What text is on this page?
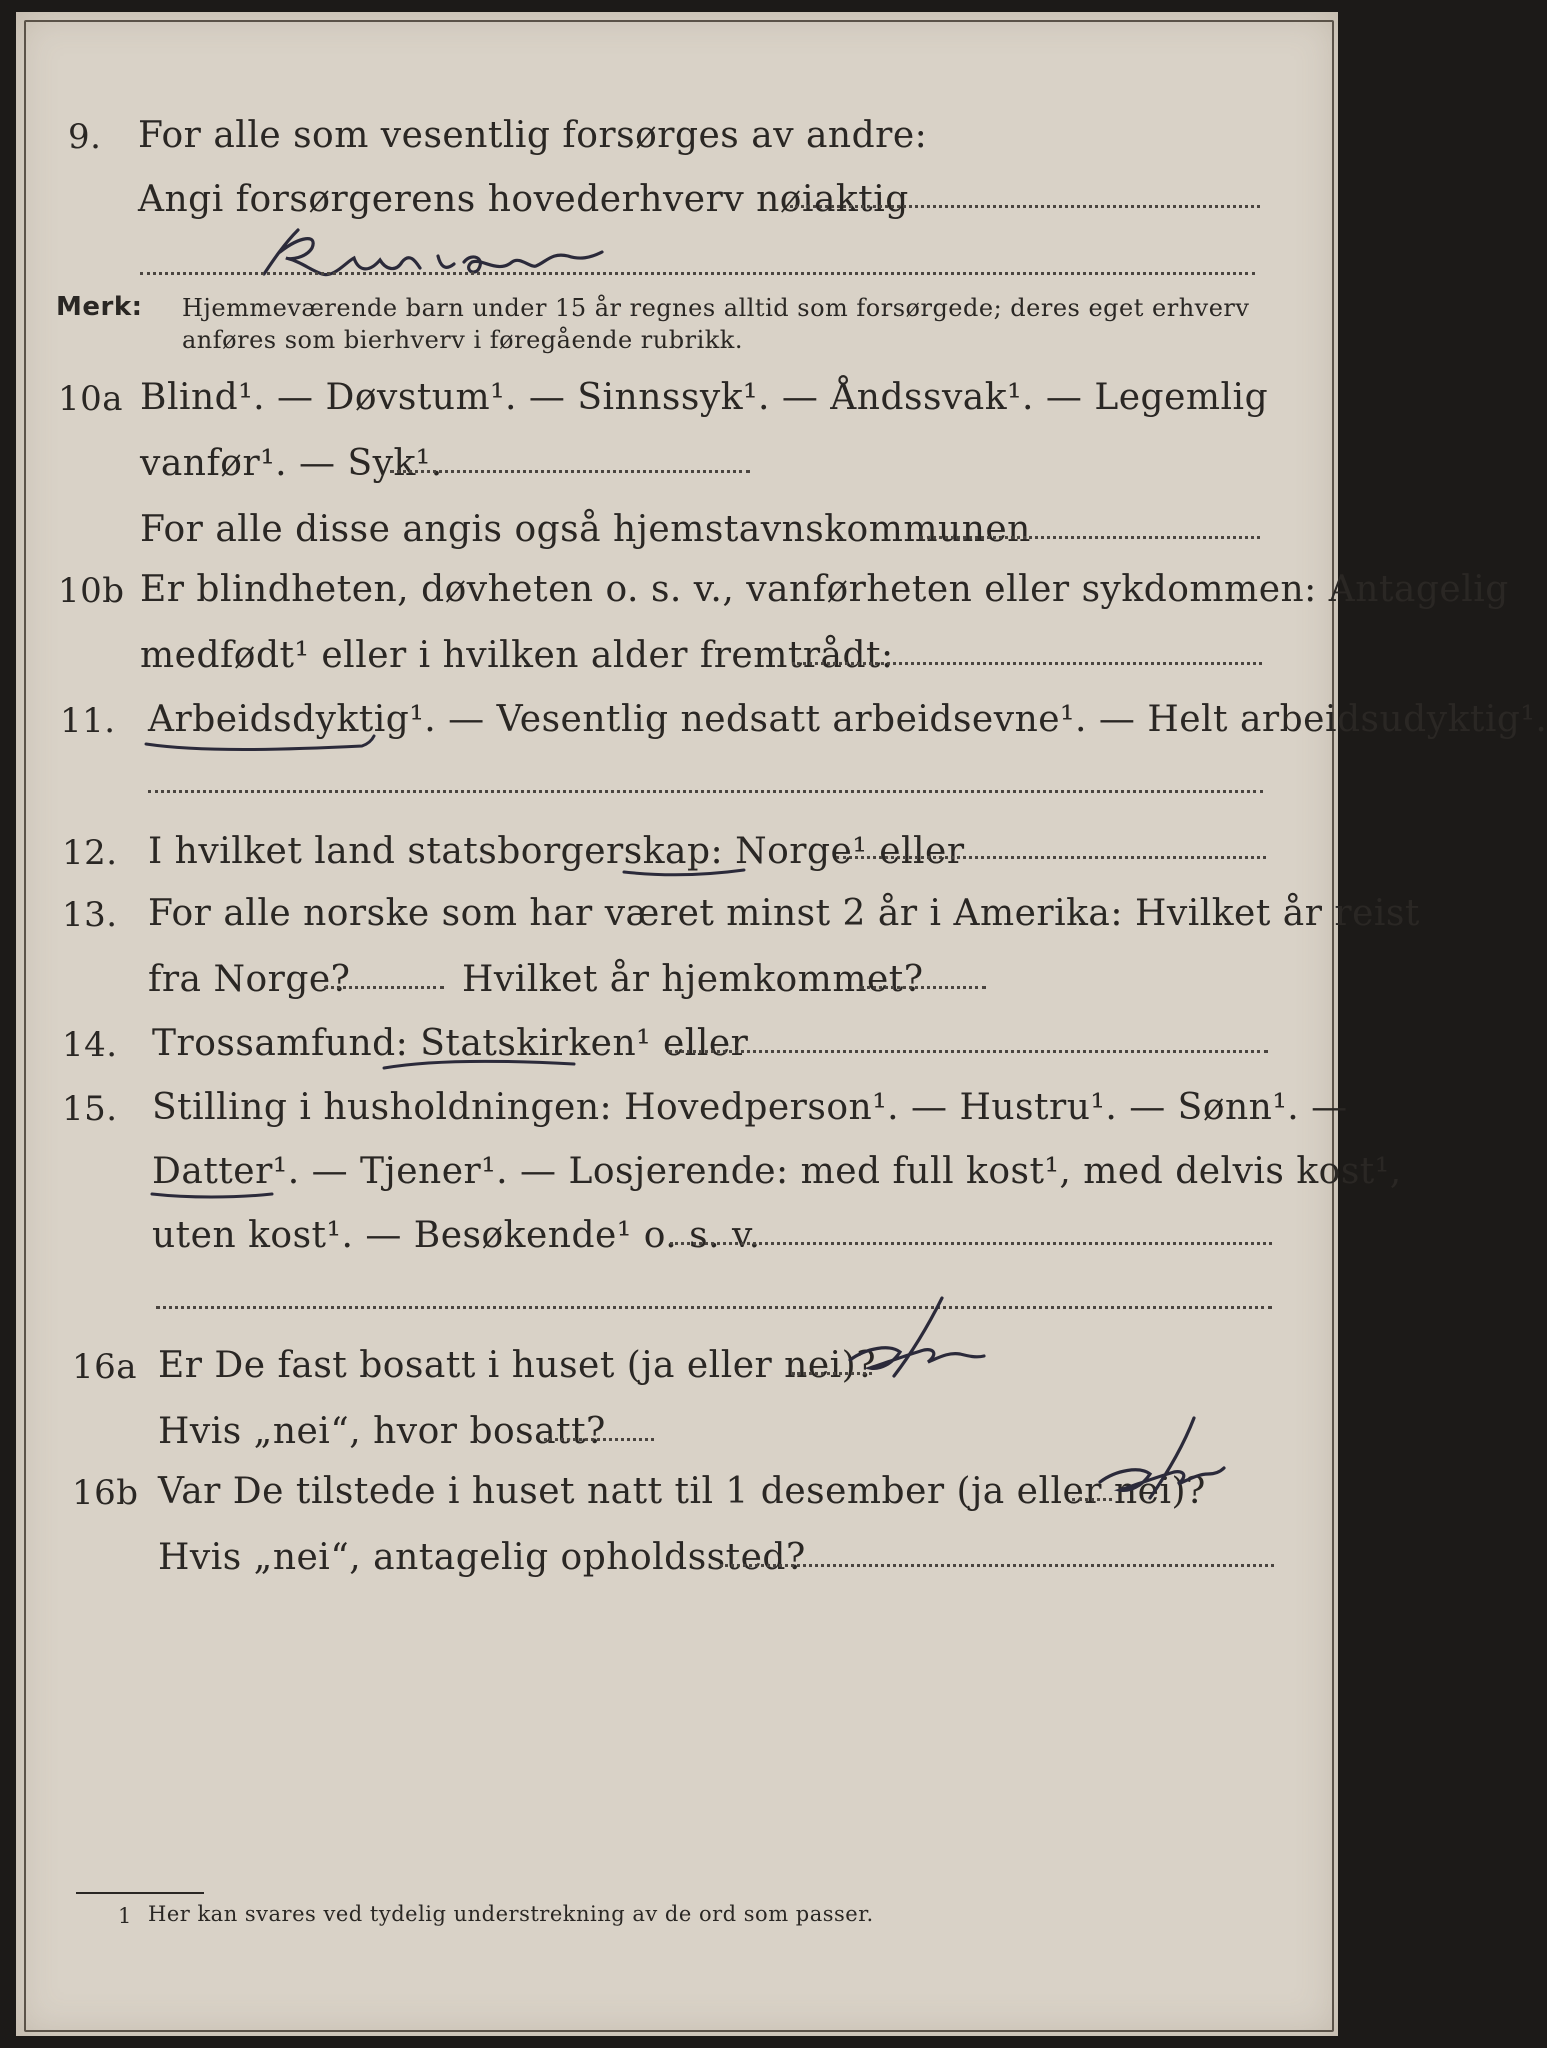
9. For alle som vesentlig forsørges av andre:
Angi forsørgerens hovederhverv nøiaktig
Merk: Hjemmeværende barn under 15 år regnes alltid som forsørgede; deres eget erhverv
anføres som bierhverv i føregående rubrikk.
10a Blind¹. — Døvstum¹. — Sinnssyk¹. — Åndssvak¹. — Legemlig
vanfør¹. — Syk¹.
For alle disse angis også hjemstavnskommunen
10b Er blindheten, døvheten o. s. v., vanførheten eller sykdommen: Antagelig
medfødt¹ eller i hvilken alder fremtrådt:
11. Arbeidsdyktig¹. — Vesentlig nedsatt arbeidsevne¹. — Helt arbeidsudyktig¹.
12. I hvilket land statsborgerskap: Norge¹ eller
13. For alle norske som har været minst 2 år i Amerika: Hvilket år reist
fra Norge?	Hvilket år hjemkommet?
14. Trossamfund: Statskirken¹ eller
15. Stilling i husholdningen: Hovedperson¹. — Hustru¹. — Sønn¹. —
Datter¹. — Tjener¹. — Losjerende: med full kost¹, med delvis kost¹,
uten kost¹. — Besøkende¹ o. s. v.
16a Er De fast bosatt i huset (ja eller nei)?
Hvis „nei“, hvor bosatt?
16b Var De tilstede i huset natt til 1 desember (ja eller nei)?
Hvis „nei“, antagelig opholdssted?
1 Her kan svares ved tydelig understrekning av de ord som passer.
